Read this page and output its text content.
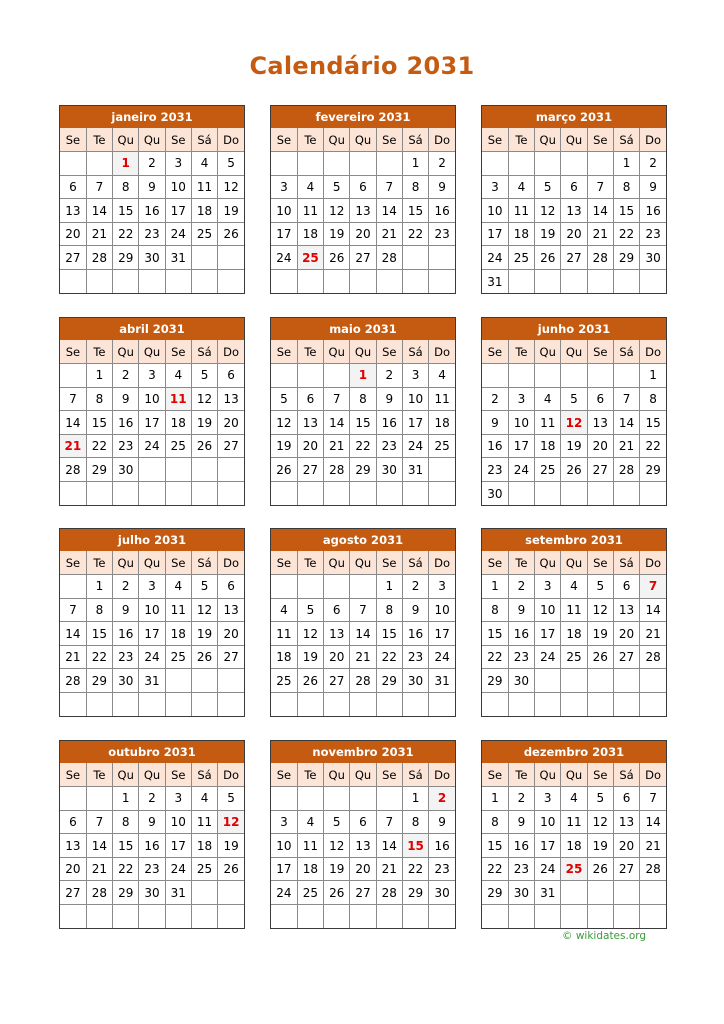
Calendário 2031
janeiro 2031
Se	Te	Qu	Qu	Se	Sá	Do
		1	2	3	4	5
6	7	8	9	10	11	12
13	14	15	16	17	18	19
20	21	22	23	24	25	26
27	28	29	30	31		

fevereiro 2031
Se	Te	Qu	Qu	Se	Sá	Do
					1	2
3	4	5	6	7	8	9
10	11	12	13	14	15	16
17	18	19	20	21	22	23
24	25	26	27	28		

março 2031
Se	Te	Qu	Qu	Se	Sá	Do
					1	2
3	4	5	6	7	8	9
10	11	12	13	14	15	16
17	18	19	20	21	22	23
24	25	26	27	28	29	30
31						
abril 2031
Se	Te	Qu	Qu	Se	Sá	Do
	1	2	3	4	5	6
7	8	9	10	11	12	13
14	15	16	17	18	19	20
21	22	23	24	25	26	27
28	29	30				

maio 2031
Se	Te	Qu	Qu	Se	Sá	Do
			1	2	3	4
5	6	7	8	9	10	11
12	13	14	15	16	17	18
19	20	21	22	23	24	25
26	27	28	29	30	31	

junho 2031
Se	Te	Qu	Qu	Se	Sá	Do
						1
2	3	4	5	6	7	8
9	10	11	12	13	14	15
16	17	18	19	20	21	22
23	24	25	26	27	28	29
30						
julho 2031
Se	Te	Qu	Qu	Se	Sá	Do
	1	2	3	4	5	6
7	8	9	10	11	12	13
14	15	16	17	18	19	20
21	22	23	24	25	26	27
28	29	30	31			

agosto 2031
Se	Te	Qu	Qu	Se	Sá	Do
				1	2	3
4	5	6	7	8	9	10
11	12	13	14	15	16	17
18	19	20	21	22	23	24
25	26	27	28	29	30	31

setembro 2031
Se	Te	Qu	Qu	Se	Sá	Do
1	2	3	4	5	6	7
8	9	10	11	12	13	14
15	16	17	18	19	20	21
22	23	24	25	26	27	28
29	30					

outubro 2031
Se	Te	Qu	Qu	Se	Sá	Do
		1	2	3	4	5
6	7	8	9	10	11	12
13	14	15	16	17	18	19
20	21	22	23	24	25	26
27	28	29	30	31		

novembro 2031
Se	Te	Qu	Qu	Se	Sá	Do
					1	2
3	4	5	6	7	8	9
10	11	12	13	14	15	16
17	18	19	20	21	22	23
24	25	26	27	28	29	30

dezembro 2031
Se	Te	Qu	Qu	Se	Sá	Do
1	2	3	4	5	6	7
8	9	10	11	12	13	14
15	16	17	18	19	20	21
22	23	24	25	26	27	28
29	30	31				

© wikidates.org
